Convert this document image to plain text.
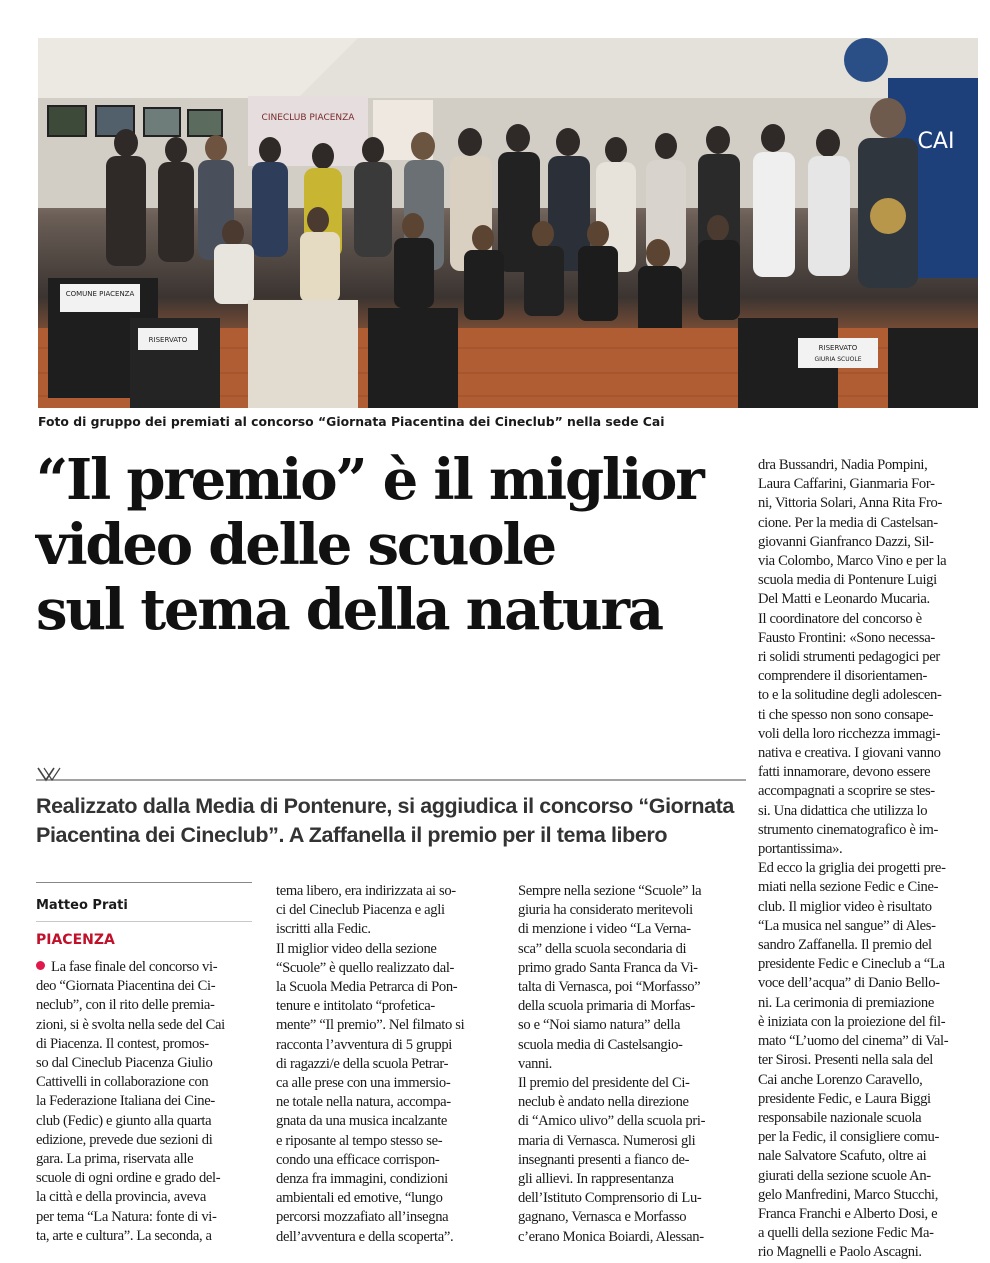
CINECLUB PIACENZA
CAI
COMUNE PIACENZA
RISERVATO
RISERVATO
GIURIA SCUOLE
Foto di gruppo dei premiati al concorso “Giornata Piacentina dei Cineclub” nella sede Cai
“Il premio” è il miglior
video delle scuole
sul tema della natura
Realizzato dalla Media di Pontenure, si aggiudica il concorso “Giornata
Piacentina dei Cineclub”. A Zaffanella il premio per il tema libero
Matteo Prati
PIACENZA
La fase finale del concorso vi-
deo “Giornata Piacentina dei Ci-
neclub”, con il rito delle premia-
zioni, si è svolta nella sede del Cai
di Piacenza. Il contest, promos-
so dal Cineclub Piacenza Giulio
Cattivelli in collaborazione con
la Federazione Italiana dei Cine-
club (Fedic) e giunto alla quarta
edizione, prevede due sezioni di
gara. La prima, riservata alle
scuole di ogni ordine e grado del-
la città e della provincia, aveva
per tema “La Natura: fonte di vi-
ta, arte e cultura”. La seconda, a
tema libero, era indirizzata ai so-
ci del Cineclub Piacenza e agli
iscritti alla Fedic.
Il miglior video della sezione
“Scuole” è quello realizzato dal-
la Scuola Media Petrarca di Pon-
tenure e intitolato “profetica-
mente” “Il premio”. Nel filmato si
racconta l’avventura di 5 gruppi
di ragazzi/e della scuola Petrar-
ca alle prese con una immersio-
ne totale nella natura, accompa-
gnata da una musica incalzante
e riposante al tempo stesso se-
condo una efficace corrispon-
denza fra immagini, condizioni
ambientali ed emotive, “lungo
percorsi mozzafiato all’insegna
dell’avventura e della scoperta”.
Sempre nella sezione “Scuole” la
giuria ha considerato meritevoli
di menzione i video “La Verna-
sca” della scuola secondaria di
primo grado Santa Franca da Vi-
talta di Vernasca, poi “Morfasso”
della scuola primaria di Morfas-
so e “Noi siamo natura” della
scuola media di Castelsangio-
vanni.
Il premio del presidente del Ci-
neclub è andato nella direzione
di “Amico ulivo” della scuola pri-
maria di Vernasca. Numerosi gli
insegnanti presenti a fianco de-
gli allievi. In rappresentanza
dell’Istituto Comprensorio di Lu-
gagnano, Vernasca e Morfasso
c’erano Monica Boiardi, Alessan-
dra Bussandri, Nadia Pompini,
Laura Caffarini, Gianmaria For-
ni, Vittoria Solari, Anna Rita Fro-
cione. Per la media di Castelsan-
giovanni Gianfranco Dazzi, Sil-
via Colombo, Marco Vino e per la
scuola media di Pontenure Luigi
Del Matti e Leonardo Mucaria.
Il coordinatore del concorso è
Fausto Frontini: «Sono necessa-
ri solidi strumenti pedagogici per
comprendere il disorientamen-
to e la solitudine degli adolescen-
ti che spesso non sono consape-
voli della loro ricchezza immagi-
nativa e creativa. I giovani vanno
fatti innamorare, devono essere
accompagnati a scoprire se stes-
si. Una didattica che utilizza lo
strumento cinematografico è im-
portantissima».
Ed ecco la griglia dei progetti pre-
miati nella sezione Fedic e Cine-
club. Il miglior video è risultato
“La musica nel sangue” di Ales-
sandro Zaffanella. Il premio del
presidente Fedic e Cineclub a “La
voce dell’acqua” di Danio Bello-
ni. La cerimonia di premiazione
è iniziata con la proiezione del fil-
mato “L’uomo del cinema” di Val-
ter Sirosi. Presenti nella sala del
Cai anche Lorenzo Caravello,
presidente Fedic, e Laura Biggi
responsabile nazionale scuola
per la Fedic, il consigliere comu-
nale Salvatore Scafuto, oltre ai
giurati della sezione scuole An-
gelo Manfredini, Marco Stucchi,
Franca Franchi e Alberto Dosi, e
a quelli della sezione Fedic Ma-
rio Magnelli e Paolo Ascagni.
